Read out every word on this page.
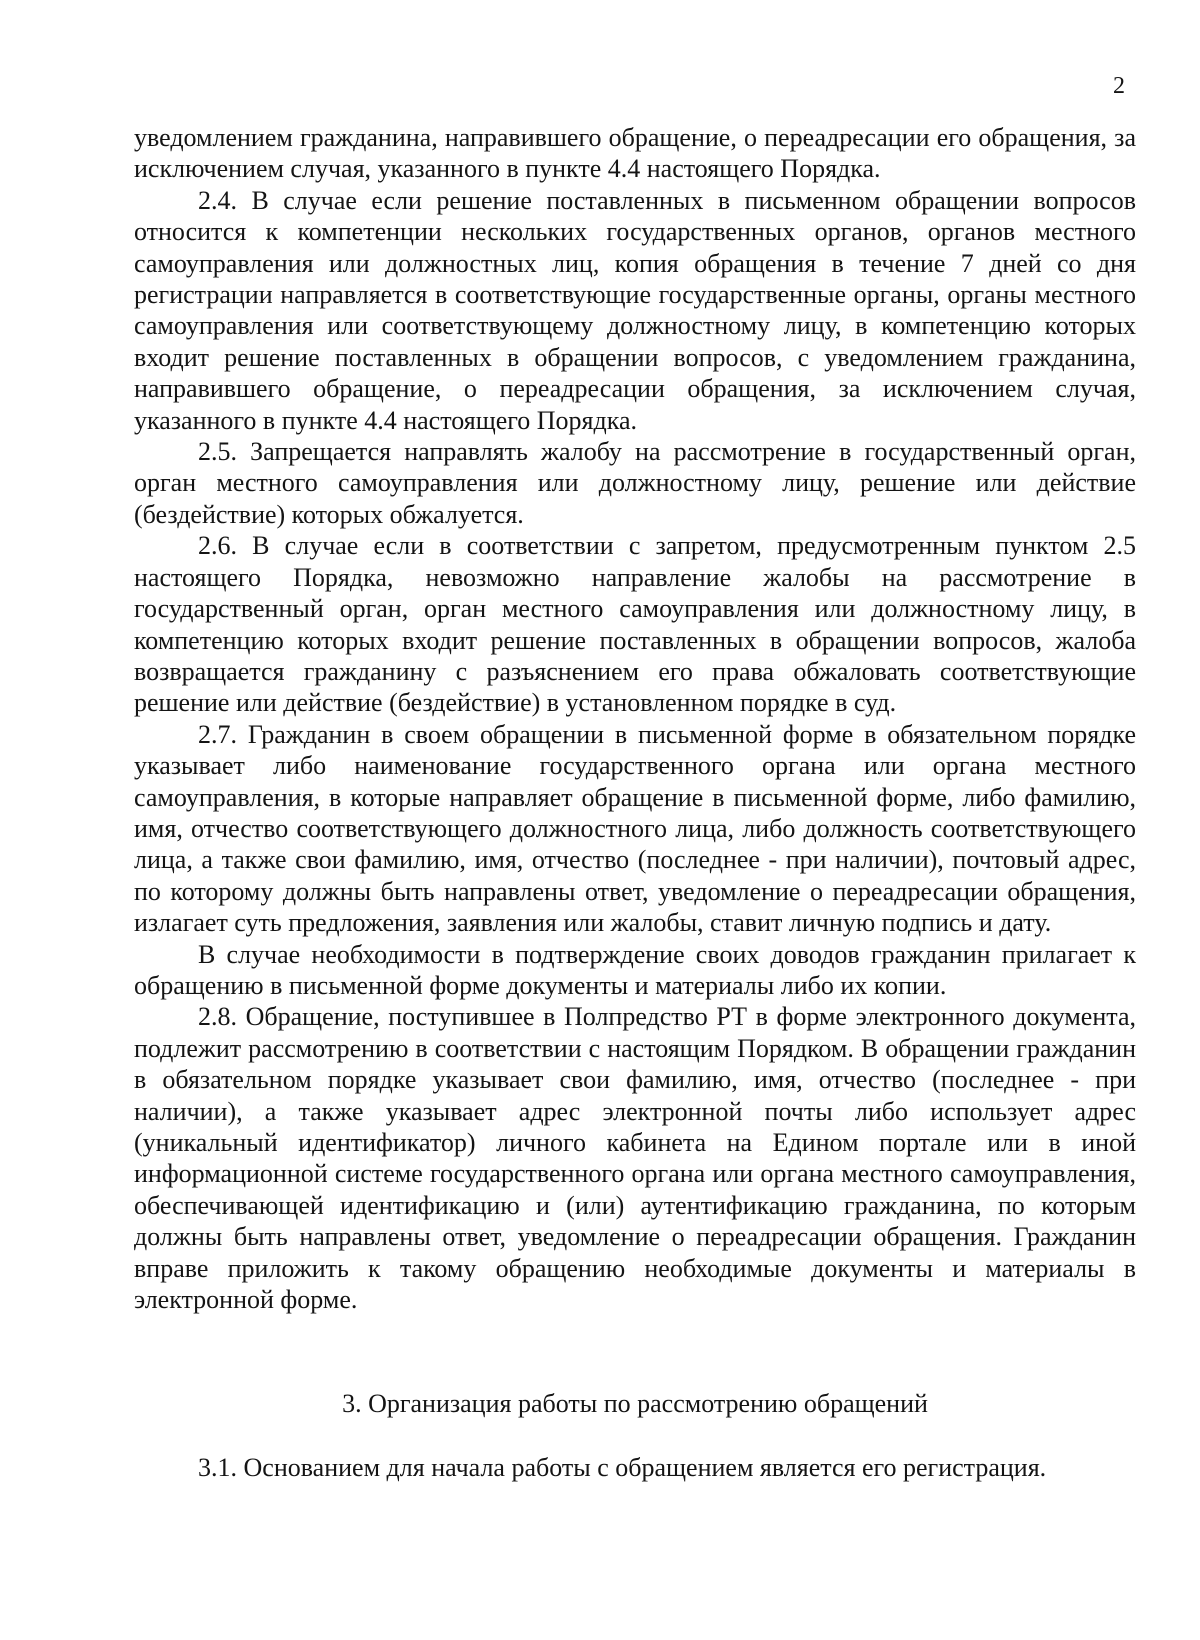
2

уведомлением гражданина, направившего обращение, о переадресации его обращения, за исключением случая, указанного в пункте 4.4 настоящего Порядка.

2.4. В случае если решение поставленных в письменном обращении вопросов относится к компетенции нескольких государственных органов, органов местного самоуправления или должностных лиц, копия обращения в течение 7 дней со дня регистрации направляется в соответствующие государственные органы, органы местного самоуправления или соответствующему должностному лицу, в компетенцию которых входит решение поставленных в обращении вопросов, с уведомлением гражданина, направившего обращение, о переадресации обращения, за исключением случая, указанного в пункте 4.4 настоящего Порядка.

2.5. Запрещается направлять жалобу на рассмотрение в государственный орган, орган местного самоуправления или должностному лицу, решение или действие (бездействие) которых обжалуется.

2.6. В случае если в соответствии с запретом, предусмотренным пунктом 2.5 настоящего Порядка, невозможно направление жалобы на рассмотрение в государственный орган, орган местного самоуправления или должностному лицу, в компетенцию которых входит решение поставленных в обращении вопросов, жалоба возвращается гражданину с разъяснением его права обжаловать соответствующие решение или действие (бездействие) в установленном порядке в суд.

2.7. Гражданин в своем обращении в письменной форме в обязательном порядке указывает либо наименование государственного органа или органа местного самоуправления, в которые направляет обращение в письменной форме, либо фамилию, имя, отчество соответствующего должностного лица, либо должность соответствующего лица, а также свои фамилию, имя, отчество (последнее - при наличии), почтовый адрес, по которому должны быть направлены ответ, уведомление о переадресации обращения, излагает суть предложения, заявления или жалобы, ставит личную подпись и дату.

В случае необходимости в подтверждение своих доводов гражданин прилагает к обращению в письменной форме документы и материалы либо их копии.

2.8. Обращение, поступившее в Полпредство РТ в форме электронного документа, подлежит рассмотрению в соответствии с настоящим Порядком. В обращении гражданин в обязательном порядке указывает свои фамилию, имя, отчество (последнее - при наличии), а также указывает адрес электронной почты либо использует адрес (уникальный идентификатор) личного кабинета на Едином портале или в иной информационной системе государственного органа или органа местного самоуправления, обеспечивающей идентификацию и (или) аутентификацию гражданина, по которым должны быть направлены ответ, уведомление о переадресации обращения. Гражданин вправе приложить к такому обращению необходимые документы и материалы в электронной форме.

3. Организация работы по рассмотрению обращений
3.1. Основанием для начала работы с обращением является его регистрация.
